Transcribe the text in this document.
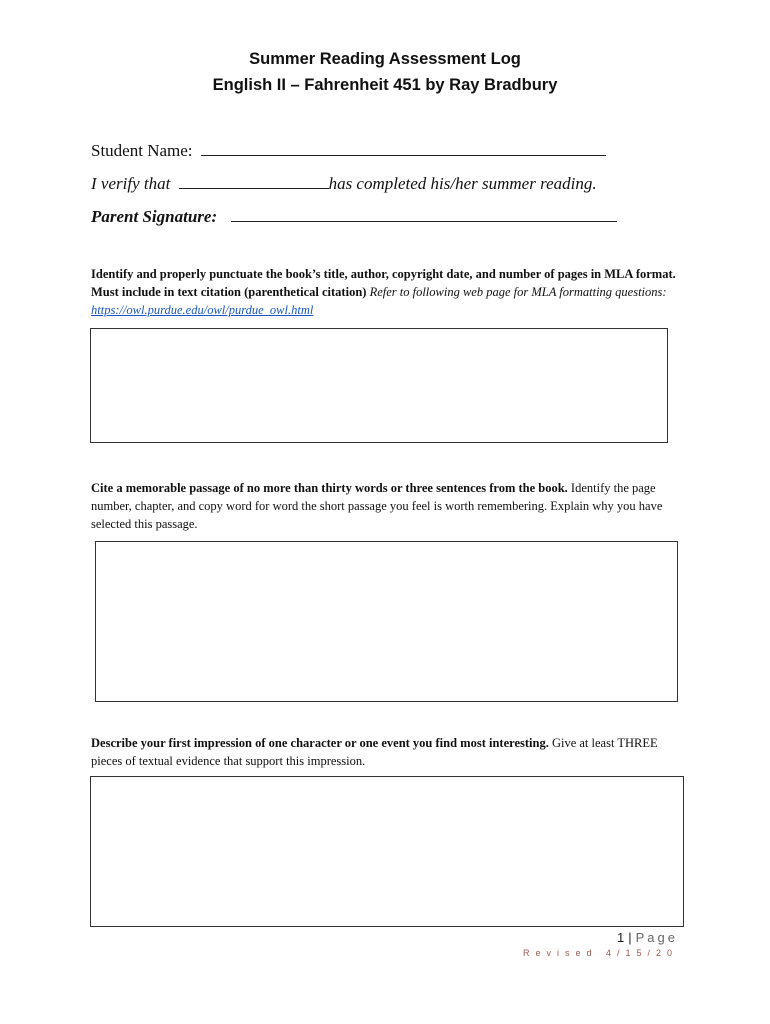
Summer Reading Assessment Log
English II – Fahrenheit 451 by Ray Bradbury
Student Name:
I verify that	has completed his/her summer reading.
Parent Signature:
Identify and properly punctuate the book’s title, author, copyright date, and number of pages in MLA format. Must include in text citation (parenthetical citation) Refer to following web page for MLA formatting questions: https://owl.purdue.edu/owl/purdue_owl.html
Cite a memorable passage of no more than thirty words or three sentences from the book. Identify the page number, chapter, and copy word for word the short passage you feel is worth remembering. Explain why you have selected this passage.
Describe your first impression of one character or one event you find most interesting. Give at least THREE pieces of textual evidence that support this impression.
1 | Page
Revised 4/15/20
